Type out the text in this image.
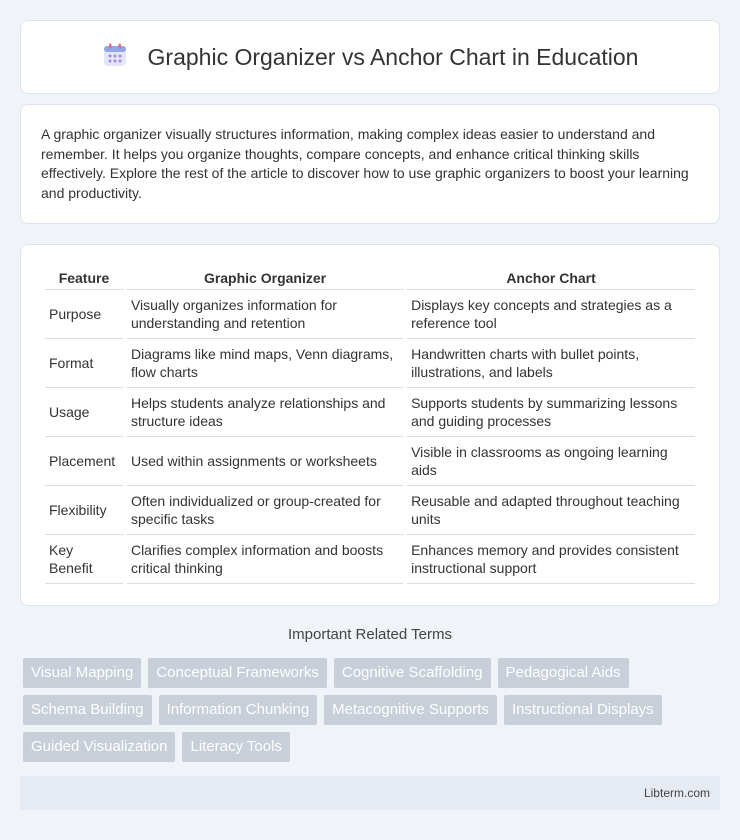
Graphic Organizer vs Anchor Chart in Education

A graphic organizer visually structures information, making complex ideas easier to understand and remember. It helps you organize thoughts, compare concepts, and enhance critical thinking skills effectively. Explore the rest of the article to discover how to use graphic organizers to boost your learning and productivity.

Feature	Graphic Organizer	Anchor Chart
Purpose	Visually organizes information for understanding and retention	Displays key concepts and strategies as a reference tool
Format	Diagrams like mind maps, Venn diagrams, flow charts	Handwritten charts with bullet points, illustrations, and labels
Usage	Helps students analyze relationships and structure ideas	Supports students by summarizing lessons and guiding processes
Placement	Used within assignments or worksheets	Visible in classrooms as ongoing learning aids
Flexibility	Often individualized or group-created for specific tasks	Reusable and adapted throughout teaching units
Key Benefit	Clarifies complex information and boosts critical thinking	Enhances memory and provides consistent instructional support
Important Related Terms
Visual Mapping	Conceptual Frameworks	Cognitive Scaffolding	Pedagogical Aids
Schema Building	Information Chunking	Metacognitive Supports	Instructional Displays
Guided Visualization	Literacy Tools
Libterm.com
